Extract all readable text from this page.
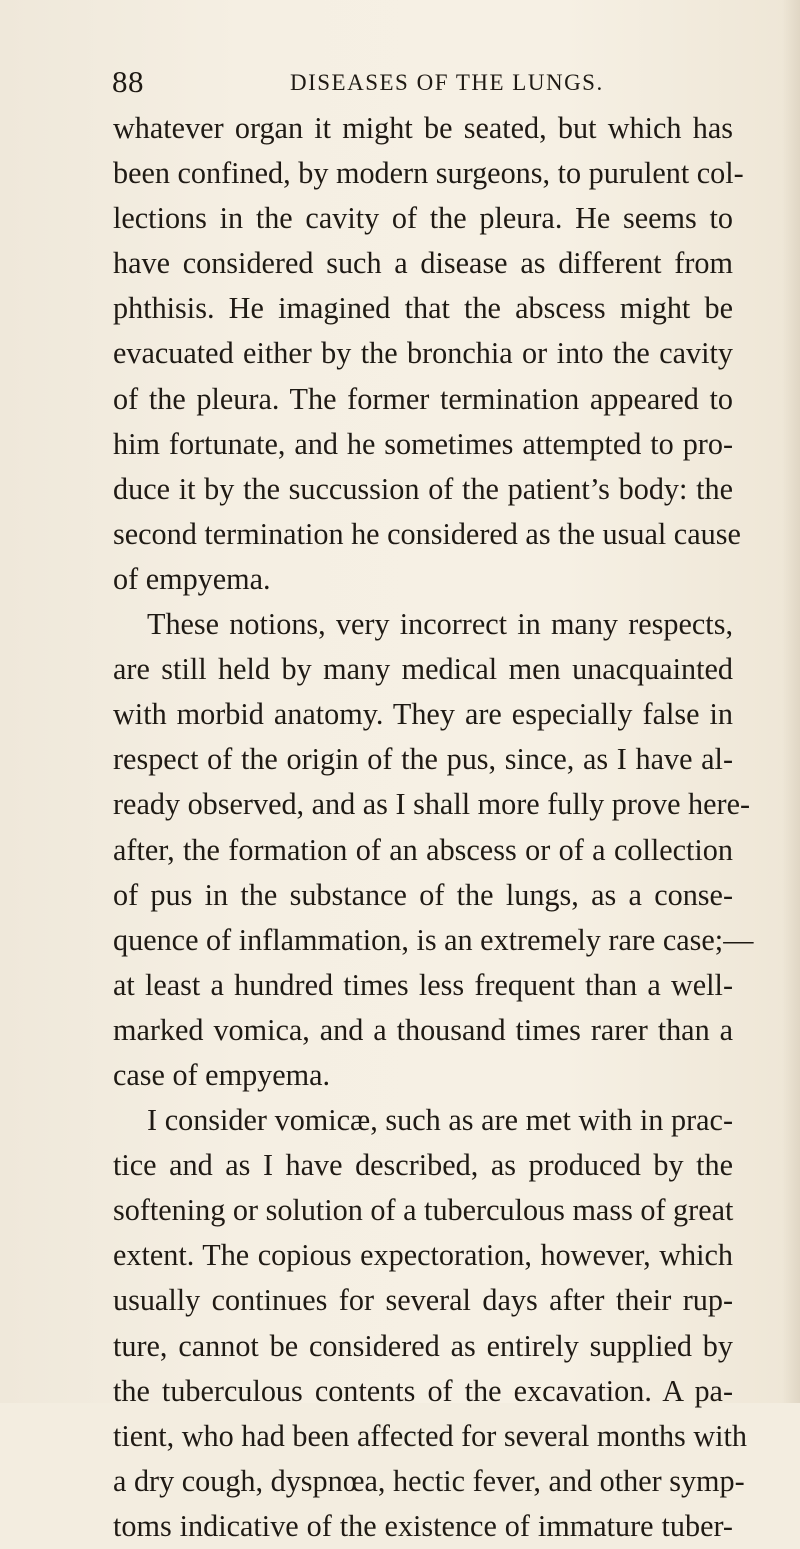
88	DISEASES OF THE LUNGS.
whatever organ it might be seated, but which has
been confined, by modern surgeons, to purulent col-
lections in the cavity of the pleura. He seems to
have considered such a disease as different from
phthisis. He imagined that the abscess might be
evacuated either by the bronchia or into the cavity
of the pleura. The former termination appeared to
him fortunate, and he sometimes attempted to pro-
duce it by the succussion of the patient’s body: the
second termination he considered as the usual cause
of empyema.
These notions, very incorrect in many respects,
are still held by many medical men unacquainted
with morbid anatomy. They are especially false in
respect of the origin of the pus, since, as I have al-
ready observed, and as I shall more fully prove here-
after, the formation of an abscess or of a collection
of pus in the substance of the lungs, as a conse-
quence of inflammation, is an extremely rare case;—
at least a hundred times less frequent than a well-
marked vomica, and a thousand times rarer than a
case of empyema.
I consider vomicæ, such as are met with in prac-
tice and as I have described, as produced by the
softening or solution of a tuberculous mass of great
extent. The copious expectoration, however, which
usually continues for several days after their rup-
ture, cannot be considered as entirely supplied by
the tuberculous contents of the excavation. A pa-
tient, who had been affected for several months with
a dry cough, dyspnœa, hectic fever, and other symp-
toms indicative of the existence of immature tuber-
